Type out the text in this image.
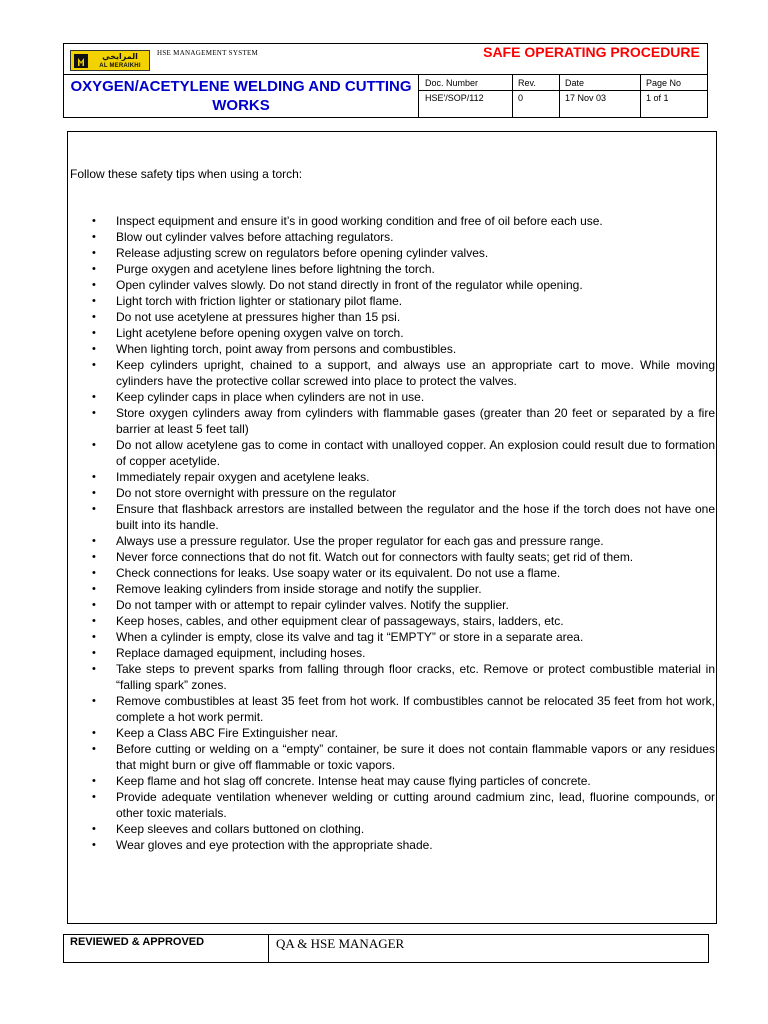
المرايخي
AL MERAIKHI
HSE MANAGEMENT SYSTEM	SAFE OPERATING PROCEDURE
OXYGEN/ACETYLENE WELDING AND CUTTING WORKS
Doc. Number	Rev.	Date	Page No
HSE'/SOP/112	0	17 Nov 03	1 of 1
Follow these safety tips when using a torch:
• Inspect equipment and ensure it’s in good working condition and free of oil before each use.
• Blow out cylinder valves before attaching regulators.
• Release adjusting screw on regulators before opening cylinder valves.
• Purge oxygen and acetylene lines before lightning the torch.
• Open cylinder valves slowly. Do not stand directly in front of the regulator while opening.
• Light torch with friction lighter or stationary pilot flame.
• Do not use acetylene at pressures higher than 15 psi.
• Light acetylene before opening oxygen valve on torch.
• When lighting torch, point away from persons and combustibles.
• Keep cylinders upright, chained to a support, and always use an appropriate cart to move. While moving cylinders have the protective collar screwed into place to protect the valves.
• Keep cylinder caps in place when cylinders are not in use.
• Store oxygen cylinders away from cylinders with flammable gases (greater than 20 feet or separated by a fire barrier at least 5 feet tall)
• Do not allow acetylene gas to come in contact with unalloyed copper. An explosion could result due to formation of copper acetylide.
• Immediately repair oxygen and acetylene leaks.
• Do not store overnight with pressure on the regulator
• Ensure that flashback arrestors are installed between the regulator and the hose if the torch does not have one built into its handle.
• Always use a pressure regulator. Use the proper regulator for each gas and pressure range.
• Never force connections that do not fit. Watch out for connectors with faulty seats; get rid of them.
• Check connections for leaks. Use soapy water or its equivalent. Do not use a flame.
• Remove leaking cylinders from inside storage and notify the supplier.
• Do not tamper with or attempt to repair cylinder valves. Notify the supplier.
• Keep hoses, cables, and other equipment clear of passageways, stairs, ladders, etc.
• When a cylinder is empty, close its valve and tag it “EMPTY” or store in a separate area.
• Replace damaged equipment, including hoses.
• Take steps to prevent sparks from falling through floor cracks, etc. Remove or protect combustible material in “falling spark” zones.
• Remove combustibles at least 35 feet from hot work. If combustibles cannot be relocated 35 feet from hot work, complete a hot work permit.
• Keep a Class ABC Fire Extinguisher near.
• Before cutting or welding on a “empty” container, be sure it does not contain flammable vapors or any residues that might burn or give off flammable or toxic vapors.
• Keep flame and hot slag off concrete. Intense heat may cause flying particles of concrete.
• Provide adequate ventilation whenever welding or cutting around cadmium zinc, lead, fluorine compounds, or other toxic materials.
• Keep sleeves and collars buttoned on clothing.
• Wear gloves and eye protection with the appropriate shade.
REVIEWED & APPROVED	QA & HSE MANAGER
